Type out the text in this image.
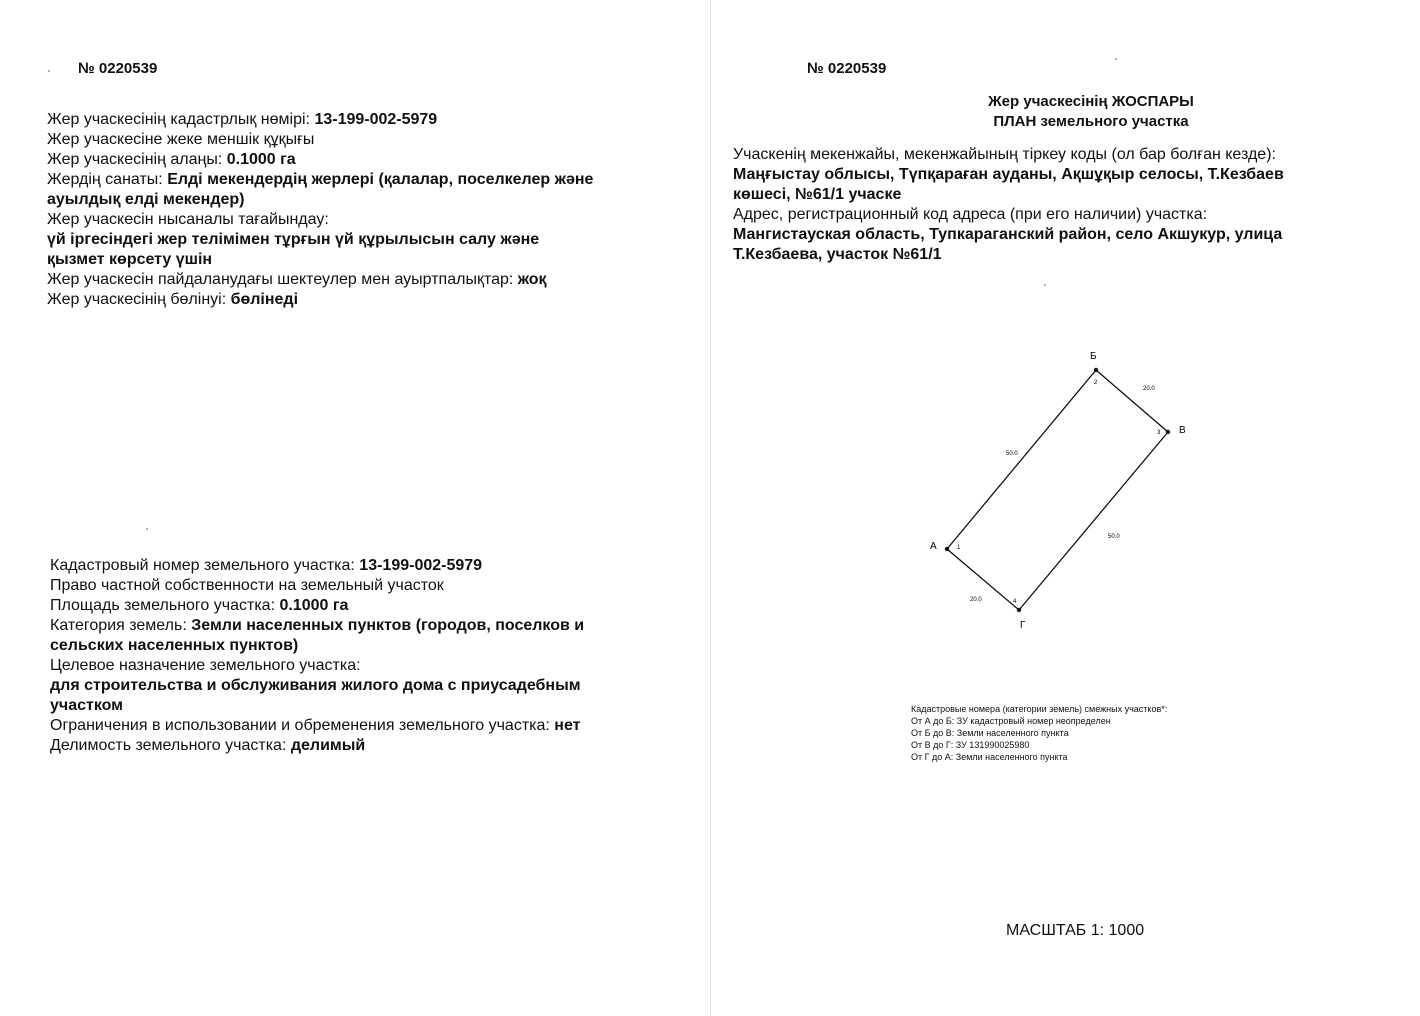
№ 0220539
Жер учаскесінің кадастрлық нөмірі: 13-199-002-5979
Жер учаскесіне жеке меншік құқығы
Жер учаскесінің алаңы: 0.1000 га
Жердің санаты: Елді мекендердің жерлері (қалалар, поселкелер және
ауылдық елді мекендер)
Жер учаскесін нысаналы тағайындау:
үй іргесіндегі жер телімімен тұрғын үй құрылысын салу және
қызмет көрсету үшін
Жер учаскесін пайдаланудағы шектеулер мен ауыртпалықтар: жоқ
Жер учаскесінің бөлінуі: бөлінеді
Кадастровый номер земельного участка: 13-199-002-5979
Право частной собственности на земельный участок
Площадь земельного участка: 0.1000 га
Категория земель: Земли населенных пунктов (городов, поселков и
сельских населенных пунктов)
Целевое назначение земельного участка:
для строительства и обслуживания жилого дома с приусадебным
участком
Ограничения в использовании и обременения земельного участка: нет
Делимость земельного участка: делимый
№ 0220539
Жер учаскесінің ЖОСПАРЫ
ПЛАН земельного участка
Учаскенің мекенжайы, мекенжайының тіркеу коды (ол бар болған кезде):
Маңғыстау облысы, Түпқараған ауданы, Ақшұқыр селосы, Т.Кезбаев
көшесі, №61/1 учаске
Адрес, регистрационный код адреса (при его наличии) участка:
Мангистауская область, Тупкараганский район, село Акшукур, улица
Т.Кезбаева, участок №61/1
А
Б
В
Г
1
2
3
4
50.0
20.0
50.0
20.0
Кадастровые номера (категории земель) смежных участков*:
От А до Б: ЗУ кадастровый номер неопределен
От Б до В: Земли населенного пункта
От В до Г: ЗУ 131990025980
От Г до А: Земли населенного пункта
МАСШТАБ 1: 1000
